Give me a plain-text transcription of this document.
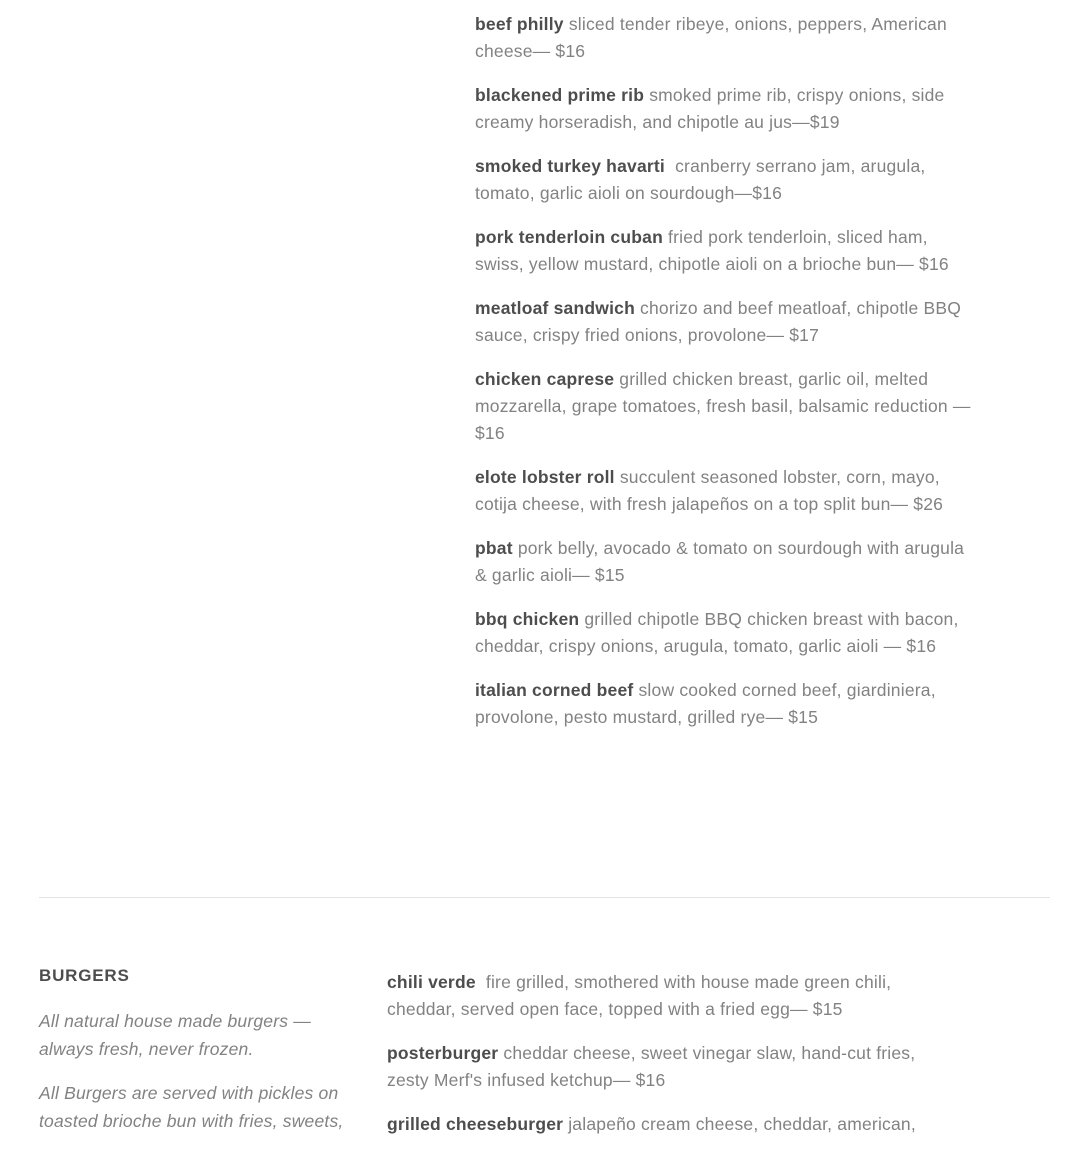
beef philly sliced tender ribeye, onions, peppers, American cheese— $16

blackened prime rib smoked prime rib, crispy onions, side creamy horseradish, and chipotle au jus—$19

smoked turkey havarti cranberry serrano jam, arugula, tomato, garlic aioli on sourdough—$16

pork tenderloin cuban fried pork tenderloin, sliced ham, swiss, yellow mustard, chipotle aioli on a brioche bun— $16

meatloaf sandwich chorizo and beef meatloaf, chipotle BBQ sauce, crispy fried onions, provolone— $17

chicken caprese grilled chicken breast, garlic oil, melted mozzarella, grape tomatoes, fresh basil, balsamic reduction —$16

elote lobster roll succulent seasoned lobster, corn, mayo, cotija cheese, with fresh jalapeños on a top split bun— $26

pbat pork belly, avocado & tomato on sourdough with arugula & garlic aioli— $15

bbq chicken grilled chipotle BBQ chicken breast with bacon, cheddar, crispy onions, arugula, tomato, garlic aioli — $16

italian corned beef slow cooked corned beef, giardiniera, provolone, pesto mustard, grilled rye— $15

BURGERS

All natural house made burgers — always fresh, never frozen.

All Burgers are served with pickles on toasted brioche bun with fries, sweets,

chili verde fire grilled, smothered with house made green chili, cheddar, served open face, topped with a fried egg— $15

posterburger cheddar cheese, sweet vinegar slaw, hand-cut fries, zesty Merf's infused ketchup— $16

grilled cheeseburger jalapeño cream cheese, cheddar, american,
